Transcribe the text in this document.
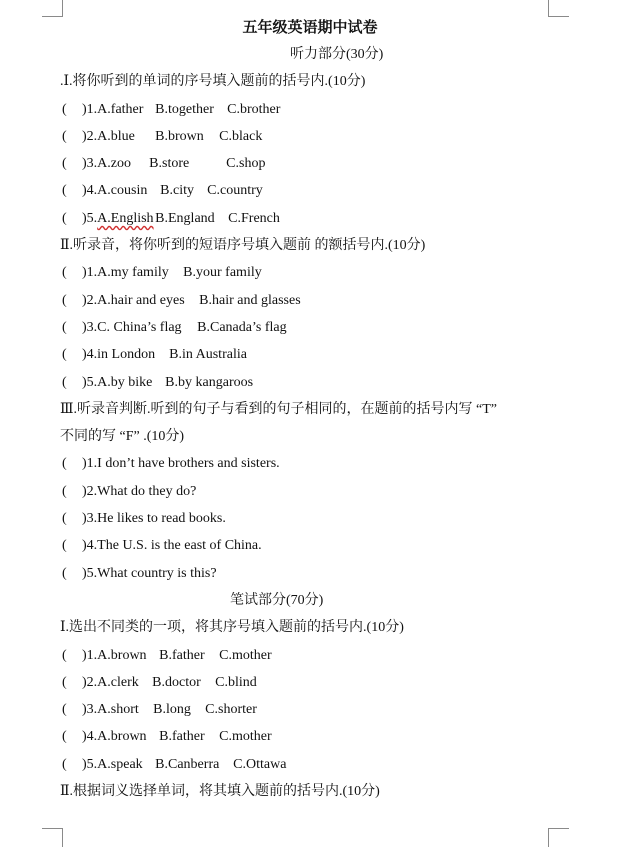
五年级英语期中试卷
听力部分(30分)
.Ⅰ.将你听到的单词的序号填入题前的括号内.(10分)
( )1.A.father B.together C.brother
( )2.A.blue B.brown C.black
( )3.A.zoo B.store	C.shop
( )4.A.cousin B.city C.country
( )5.A.English B.England C.French
Ⅱ.听录音，将你听到的短语序号填入题前 的额括号内.(10分)
( )1.A.my family B.your family
( )2.A.hair and eyes B.hair and glasses
( )3.C. China’s flag B.Canada’s flag
( )4.in London B.in Australia
( )5.A.by bike B.by kangaroos
Ⅲ.听录音判断.听到的句子与看到的句子相同的，在题前的括号内写 “T”
不同的写 “F” .(10分)
( )1.I don’t have brothers and sisters.
( )2.What do they do?
( )3.He likes to read books.
( )4.The U.S. is the east of China.
( )5.What country is this?
笔试部分(70分)
Ⅰ.选出不同类的一项，将其序号填入题前的括号内.(10分)
( )1.A.brown B.father C.mother
( )2.A.clerk B.doctor C.blind
( )3.A.short B.long C.shorter
( )4.A.brown B.father C.mother
( )5.A.speak B.Canberra C.Ottawa
Ⅱ.根据词义选择单词，将其填入题前的括号内.(10分)
